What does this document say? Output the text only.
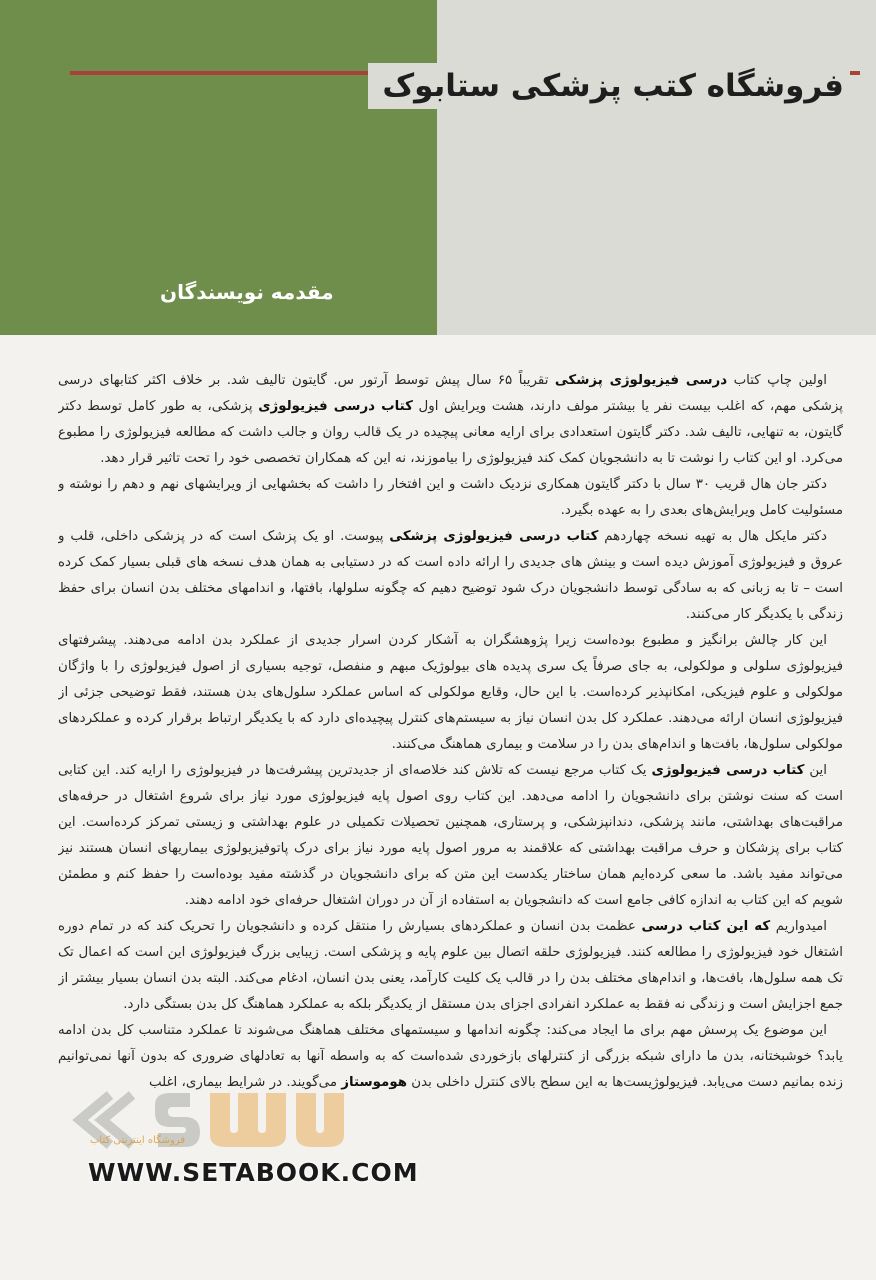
فروشگاه کتب پزشکی ستابوک
مقدمه نویسندگان

اولین چاپ کتاب درسی فیزیولوژی پزشکی تقریباً ۶۵ سال پیش توسط آرتور س. گایتون تالیف شد. بر خلاف اکثر کتابهای درسی پزشکی مهم، که اغلب بیست نفر یا بیشتر مولف دارند، هشت ویرایش اول کتاب درسی فیزیولوژی پزشکی، به طور کامل توسط دکتر گایتون، به تنهایی، تالیف شد. دکتر گایتون استعدادی برای ارایه معانی پیچیده در یک قالب روان و جالب داشت که مطالعه فیزیولوژی را مطبوع می‌کرد. او این کتاب را نوشت تا به دانشجویان کمک کند فیزیولوژی را بیاموزند، نه این که همکاران تخصصی خود را تحت تاثیر قرار دهد.

دکتر جان هال قریب ۳۰ سال با دکتر گایتون همکاری نزدیک داشت و این افتخار را داشت که بخشهایی از ویرایشهای نهم و دهم را نوشته و مسئولیت کامل ویرایش‌های بعدی را به عهده بگیرد.

دکتر مایکل هال به تهیه نسخه چهاردهم کتاب درسی فیزیولوژی پزشکی پیوست. او یک پزشک است که در پزشکی داخلی، قلب و عروق و فیزیولوژی آموزش دیده است و بینش های جدیدی را ارائه داده است که در دستیابی به همان هدف نسخه های قبلی بسیار کمک کرده است – تا به زبانی که به سادگی توسط دانشجویان درک شود توضیح دهیم که چگونه سلولها، بافتها، و اندامهای مختلف بدن انسان برای حفظ زندگی با یکدیگر کار می‌کنند.

این کار چالش برانگیز و مطبوع بوده‌است زیرا پژوهشگران به آشکار کردن اسرار جدیدی از عملکرد بدن ادامه می‌دهند. پیشرفتهای فیزیولوژی سلولی و مولکولی، به جای صرفاً یک سری پدیده های بیولوژیک مبهم و منفصل، توجیه بسیاری از اصول فیزیولوژی را با واژگان مولکولی و علوم فیزیکی، امکانپذیر کرده‌است. با این حال، وقایع مولکولی که اساس عملکرد سلول‌های بدن هستند، فقط توضیحی جزئی از فیزیولوژی انسان ارائه می‌دهند. عملکرد کل بدن انسان نیاز به سیستم‌های کنترل پیچیده‌ای دارد که با یکدیگر ارتباط برقرار کرده و عملکردهای مولکولی سلول‌ها، بافت‌ها و اندام‌های بدن را در سلامت و بیماری هماهنگ می‌کنند.

این کتاب درسی فیزیولوژی یک کتاب مرجع نیست که تلاش کند خلاصه‌ای از جدیدترین پیشرفت‌ها در فیزیولوژی را ارایه کند. این کتابی است که سنت نوشتن برای دانشجویان را ادامه می‌دهد. این کتاب روی اصول پایه فیزیولوژی مورد نیاز برای شروع اشتغال در حرفه‌های مراقبت‌های بهداشتی، مانند پزشکی، دندانپزشکی، و پرستاری، همچنین تحصیلات تکمیلی در علوم بهداشتی و زیستی تمرکز کرده‌است. این کتاب برای پزشکان و حرف مراقبت بهداشتی که علاقمند به مرور اصول پایه مورد نیاز برای درک پاتوفیزیولوژی بیماریهای انسان هستند نیز می‌تواند مفید باشد. ما سعی کرده‌ایم همان ساختار یکدست این متن که برای دانشجویان در گذشته مفید بوده‌است را حفظ کنم و مطمئن شویم که این کتاب به اندازه کافی جامع است که دانشجویان به استفاده از آن در دوران اشتغال حرفه‌ای خود ادامه دهند.

امیدواریم که این کتاب درسی عظمت بدن انسان و عملکردهای بسیارش را منتقل کرده و دانشجویان را تحریک کند که در تمام دوره اشتغال خود فیزیولوژی را مطالعه کنند. فیزیولوژی حلقه اتصال بین علوم پایه و پزشکی است. زیبایی بزرگ فیزیولوژی این است که اعمال تک تک همه سلول‌ها، بافت‌ها، و اندام‌های مختلف بدن را در قالب یک کلیت کارآمد، یعنی بدن انسان، ادغام می‌کند. البته بدن انسان بسیار بیشتر از جمع اجزایش است و زندگی نه فقط به عملکرد انفرادی اجزای بدن مستقل از یکدیگر بلکه به عملکرد هماهنگ کل بدن بستگی دارد.

این موضوع یک پرسش مهم برای ما ایجاد می‌کند: چگونه اندامها و سیستمهای مختلف هماهنگ می‌شوند تا عملکرد متناسب کل بدن ادامه یابد؟ خوشبختانه، بدن ما دارای شبکه بزرگی از کنترلهای بازخوردی شده‌است که به واسطه آنها به تعادلهای ضروری که بدون آنها نمی‌توانیم زنده بمانیم دست می‌یابد. فیزیولوژیست‌ها به این سطح بالای کنترل داخلی بدن هوموستاز می‌گویند. در شرایط بیماری، اغلب

فروشگاه اینترنتی کتاب
WWW.SETABOOK.COM
